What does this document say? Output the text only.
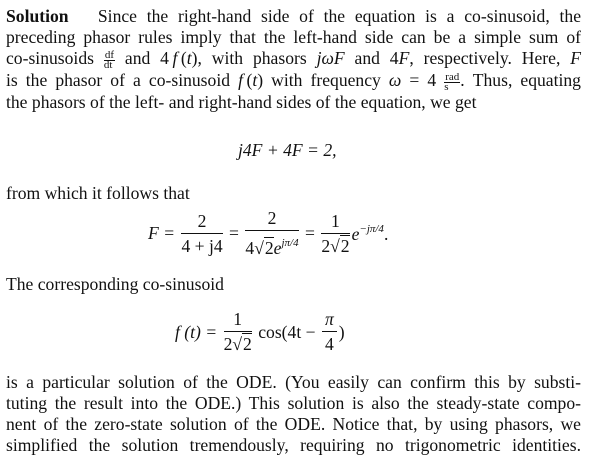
Solution Since the right-hand side of the equation is a co-sinusoid, the
preceding phasor rules imply that the left-hand side can be a simple sum of
co-sinusoids $\frac{df}{dt}$ and 4  f  (t), with phasors jωF and 4F, respectively. Here, F
is the phasor of a co-sinusoid f  (t) with frequency $\omega = 4 \frac{\text{rad}}{s}$ . Thus, equating
the phasors of the left- and right-hand sides of the equation, we get
j4F + 4F = 2,
from which it follows that
$F = \frac{2}{4 + j4} = \frac{2}{4√2e^{j\pi/4}} = \frac{1}{2√2} e^{-j\pi/4}$.
The corresponding co-sinusoid
f $(t) = \frac{1}{2√2} \cos(4t - \frac{\pi}{4}$ )
is a particular solution of the ODE. (You easily can confirm this by substi-
tuting the result into the ODE.) This solution is also the steady-state compo-
nent of the zero-state solution of the ODE. Notice that, by using phasors, we
simplified the solution tremendously, requiring no trigonometric identities.
